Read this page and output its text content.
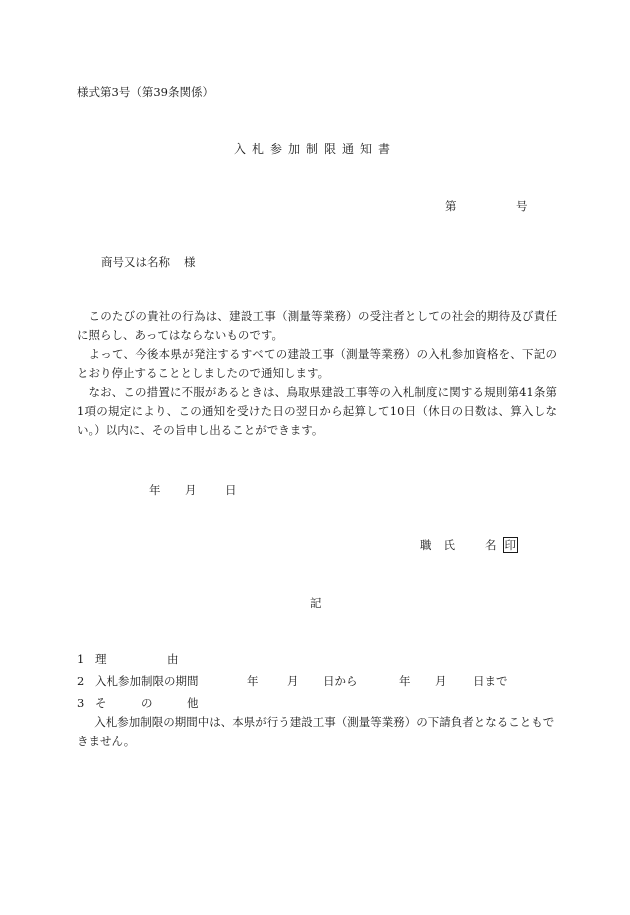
様式第3号（第39条関係）
入札参加制限通知書
第	号
商号又は名称 様

このたびの貴社の行為は、建設工事（測量等業務）の受注者としての社会的期待及び責任に照らし、あってはならないものです。

よって、今後本県が発注するすべての建設工事（測量等業務）の入札参加資格を、下記のとおり停止することとしましたので通知します。

なお、この措置に不服があるときは、鳥取県建設工事等の入札制度に関する規則第41条第1項の規定により、この通知を受けた日の翌日から起算して10日（休日の日数は、算入しない。）以内に、その旨申し出ることができます。

年 月 日
職 氏	名 印
記
1 理	由
2 入札参加制限の期間	年 月 日から	年 月 日まで
3 そ	の	他

入札参加制限の期間中は、本県が行う建設工事（測量等業務）の下請負者となることもできません。
